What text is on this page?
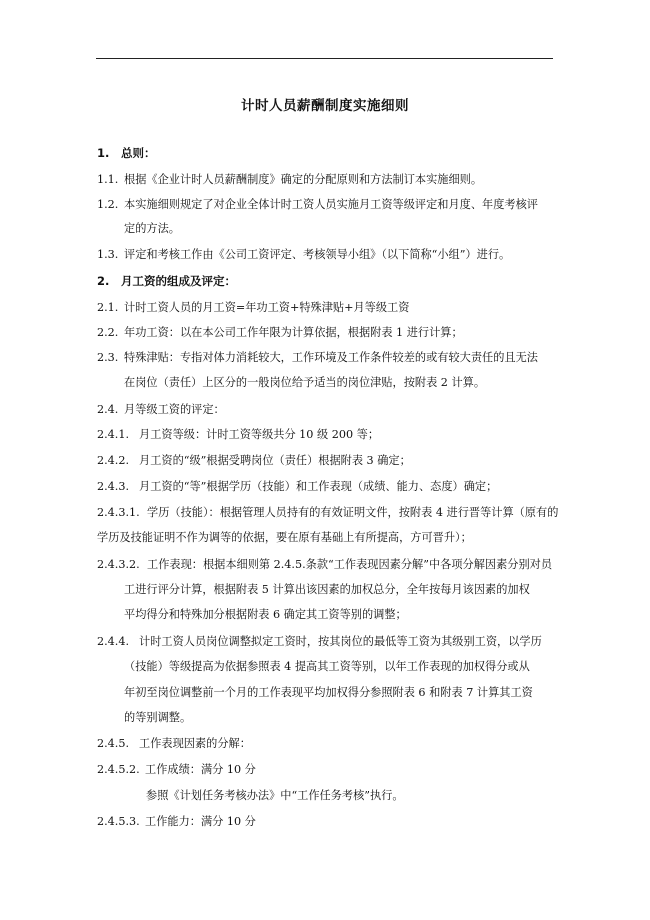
计时人员薪酬制度实施细则
1. 总则：
1.1. 根据《企业计时人员薪酬制度》确定的分配原则和方法制订本实施细则。
1.2. 本实施细则规定了对企业全体计时工资人员实施月工资等级评定和月度、年度考核评
定的方法。
1.3. 评定和考核工作由《公司工资评定、考核领导小组》（以下简称“小组”）进行。
2. 月工资的组成及评定：
2.1. 计时工资人员的月工资=年功工资+特殊津贴+月等级工资
2.2. 年功工资：以在本公司工作年限为计算依据，根据附表 1 进行计算；
2.3. 特殊津贴：专指对体力消耗较大，工作环境及工作条件较差的或有较大责任的且无法
在岗位（责任）上区分的一般岗位给予适当的岗位津贴，按附表 2 计算。
2.4. 月等级工资的评定：
2.4.1. 月工资等级：计时工资等级共分 10 级 200 等；
2.4.2. 月工资的“级”根据受聘岗位（责任）根据附表 3 确定；
2.4.3. 月工资的“等”根据学历（技能）和工作表现（成绩、能力、态度）确定；
2.4.3.1. 学历（技能）：根据管理人员持有的有效证明文件，按附表 4 进行晋等计算（原有的
学历及技能证明不作为调等的依据，要在原有基础上有所提高，方可晋升）；
2.4.3.2. 工作表现：根据本细则第 2.4.5.条款“工作表现因素分解”中各项分解因素分别对员
工进行评分计算，根据附表 5 计算出该因素的加权总分，全年按每月该因素的加权
平均得分和特殊加分根据附表 6 确定其工资等别的调整；
2.4.4. 计时工资人员岗位调整拟定工资时，按其岗位的最低等工资为其级别工资，以学历
（技能）等级提高为依据参照表 4 提高其工资等别，以年工作表现的加权得分或从
年初至岗位调整前一个月的工作表现平均加权得分参照附表 6 和附表 7 计算其工资
的等别调整。
2.4.5. 工作表现因素的分解：
2.4.5.2. 工作成绩：满分 10 分
参照《计划任务考核办法》中“工作任务考核”执行。
2.4.5.3. 工作能力：满分 10 分
